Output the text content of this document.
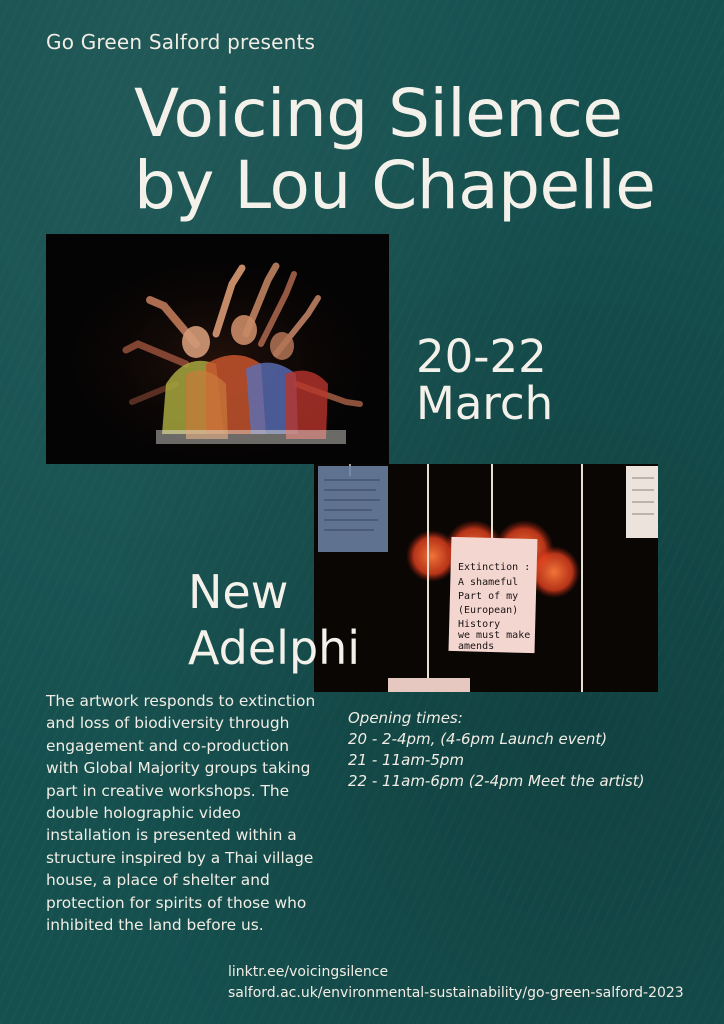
Go Green Salford presents
Voicing Silence
by Lou Chapelle
Extinction :
A shameful
Part of my
(European)
History
we must make
amends
20-22
March
New
Adelphi
The artwork responds to extinction
and loss of biodiversity through
engagement and co-production
with Global Majority groups taking
part in creative workshops. The
double holographic video
installation is presented within a
structure inspired by a Thai village
house, a place of shelter and
protection for spirits of those who
inhibited the land before us.
Opening times:
20 - 2-4pm, (4-6pm Launch event)
21 - 11am-5pm
22 - 11am-6pm (2-4pm Meet the artist)
linktr.ee/voicingsilence
salford.ac.uk/environmental-sustainability/go-green-salford-2023
